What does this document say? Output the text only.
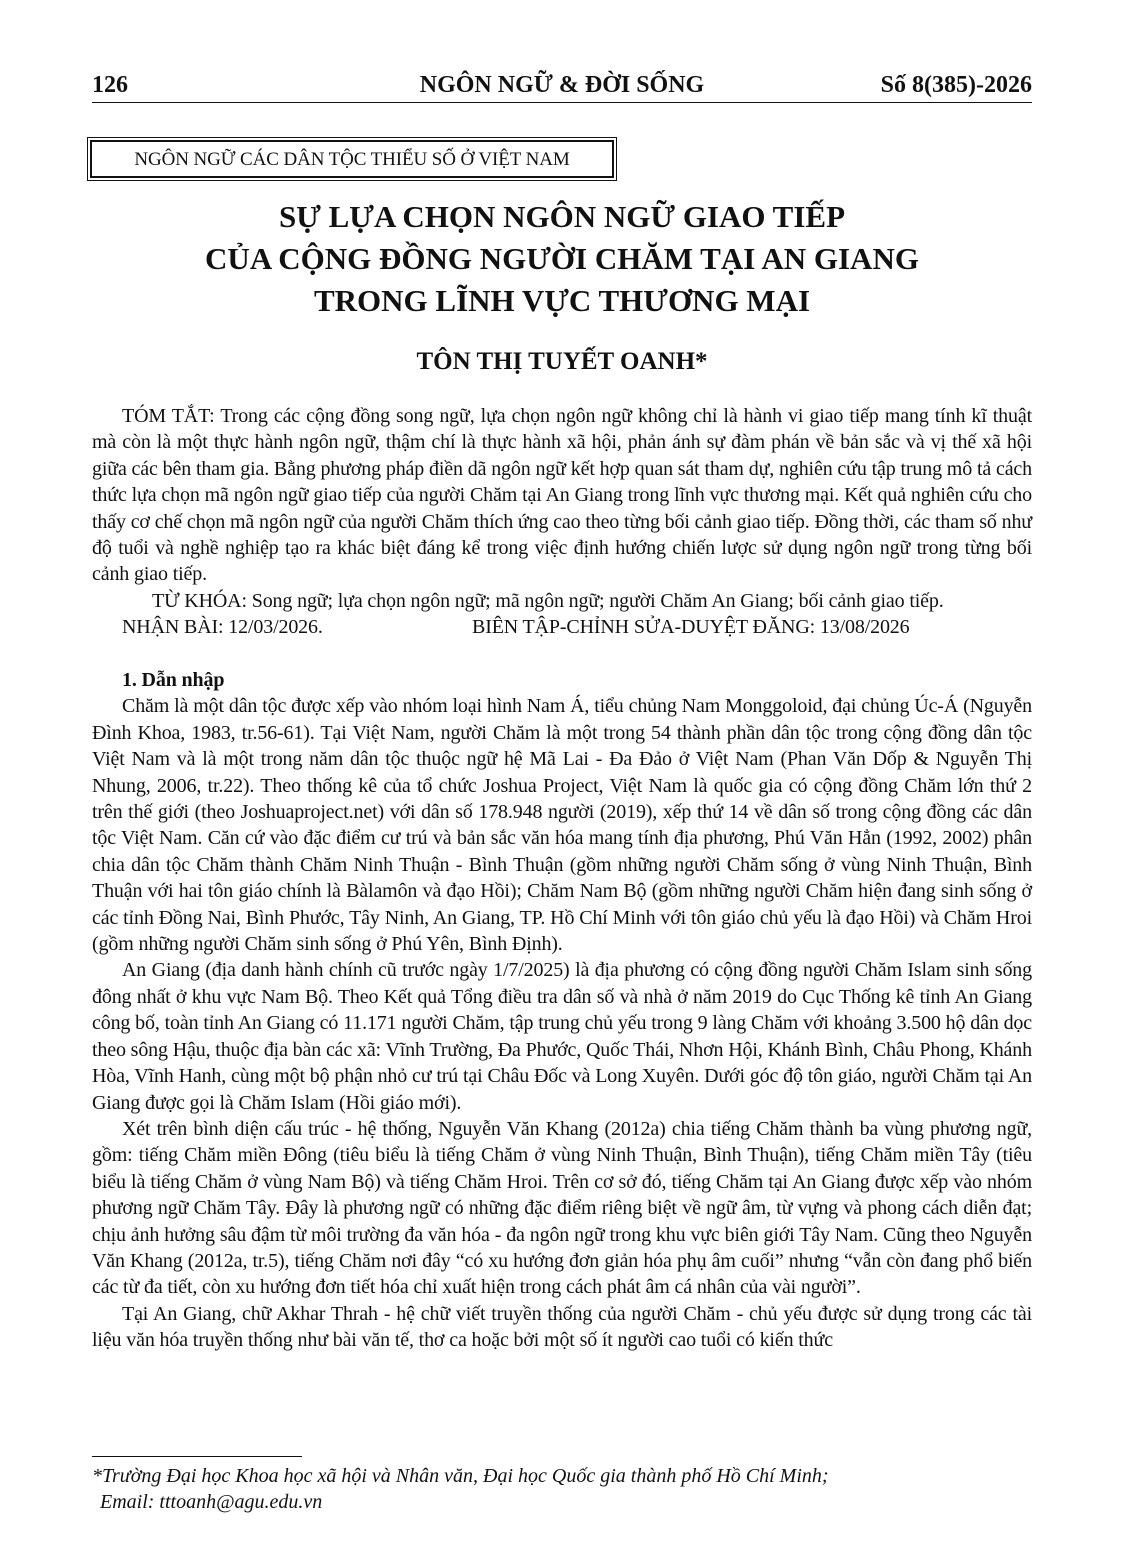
126	NGÔN NGỮ & ĐỜI SỐNG	Số 8(385)-2026
NGÔN NGỮ CÁC DÂN TỘC THIỂU SỐ Ở VIỆT NAM
SỰ LỰA CHỌN NGÔN NGỮ GIAO TIẾP
CỦA CỘNG ĐỒNG NGƯỜI CHĂM TẠI AN GIANG
TRONG LĨNH VỰC THƯƠNG MẠI
TÔN THỊ TUYẾT OANH*

TÓM TẮT: Trong các cộng đồng song ngữ, lựa chọn ngôn ngữ không chỉ là hành vi giao tiếp mang tính kĩ thuật mà còn là một thực hành ngôn ngữ, thậm chí là thực hành xã hội, phản ánh sự đàm phán về bản sắc và vị thế xã hội giữa các bên tham gia. Bằng phương pháp điền dã ngôn ngữ kết hợp quan sát tham dự, nghiên cứu tập trung mô tả cách thức lựa chọn mã ngôn ngữ giao tiếp của người Chăm tại An Giang trong lĩnh vực thương mại. Kết quả nghiên cứu cho thấy cơ chế chọn mã ngôn ngữ của người Chăm thích ứng cao theo từng bối cảnh giao tiếp. Đồng thời, các tham số như độ tuổi và nghề nghiệp tạo ra khác biệt đáng kể trong việc định hướng chiến lược sử dụng ngôn ngữ trong từng bối cảnh giao tiếp.

TỪ KHÓA: Song ngữ; lựa chọn ngôn ngữ; mã ngôn ngữ; người Chăm An Giang; bối cảnh giao tiếp.

NHẬN BÀI: 12/03/2026.	BIÊN TẬP-CHỈNH SỬA-DUYỆT ĐĂNG: 13/08/2026
1. Dẫn nhập

Chăm là một dân tộc được xếp vào nhóm loại hình Nam Á, tiểu chủng Nam Monggoloid, đại chủng Úc-Á (Nguyễn Đình Khoa, 1983, tr.56-61). Tại Việt Nam, người Chăm là một trong 54 thành phần dân tộc trong cộng đồng dân tộc Việt Nam và là một trong năm dân tộc thuộc ngữ hệ Mã Lai - Đa Đảo ở Việt Nam (Phan Văn Dốp & Nguyễn Thị Nhung, 2006, tr.22). Theo thống kê của tổ chức Joshua Project, Việt Nam là quốc gia có cộng đồng Chăm lớn thứ 2 trên thế giới (theo Joshuaproject.net) với dân số 178.948 người (2019), xếp thứ 14 về dân số trong cộng đồng các dân tộc Việt Nam. Căn cứ vào đặc điểm cư trú và bản sắc văn hóa mang tính địa phương, Phú Văn Hẳn (1992, 2002) phân chia dân tộc Chăm thành Chăm Ninh Thuận - Bình Thuận (gồm những người Chăm sống ở vùng Ninh Thuận, Bình Thuận với hai tôn giáo chính là Bàlamôn và đạo Hồi); Chăm Nam Bộ (gồm những người Chăm hiện đang sinh sống ở các tỉnh Đồng Nai, Bình Phước, Tây Ninh, An Giang, TP. Hồ Chí Minh với tôn giáo chủ yếu là đạo Hồi) và Chăm Hroi (gồm những người Chăm sinh sống ở Phú Yên, Bình Định).

An Giang (địa danh hành chính cũ trước ngày 1/7/2025) là địa phương có cộng đồng người Chăm Islam sinh sống đông nhất ở khu vực Nam Bộ. Theo Kết quả Tổng điều tra dân số và nhà ở năm 2019 do Cục Thống kê tỉnh An Giang công bố, toàn tỉnh An Giang có 11.171 người Chăm, tập trung chủ yếu trong 9 làng Chăm với khoảng 3.500 hộ dân dọc theo sông Hậu, thuộc địa bàn các xã: Vĩnh Trường, Đa Phước, Quốc Thái, Nhơn Hội, Khánh Bình, Châu Phong, Khánh Hòa, Vĩnh Hanh, cùng một bộ phận nhỏ cư trú tại Châu Đốc và Long Xuyên. Dưới góc độ tôn giáo, người Chăm tại An Giang được gọi là Chăm Islam (Hồi giáo mới).

Xét trên bình diện cấu trúc - hệ thống, Nguyễn Văn Khang (2012a) chia tiếng Chăm thành ba vùng phương ngữ, gồm: tiếng Chăm miền Đông (tiêu biểu là tiếng Chăm ở vùng Ninh Thuận, Bình Thuận), tiếng Chăm miền Tây (tiêu biểu là tiếng Chăm ở vùng Nam Bộ) và tiếng Chăm Hroi. Trên cơ sở đó, tiếng Chăm tại An Giang được xếp vào nhóm phương ngữ Chăm Tây. Đây là phương ngữ có những đặc điểm riêng biệt về ngữ âm, từ vựng và phong cách diễn đạt; chịu ảnh hưởng sâu đậm từ môi trường đa văn hóa - đa ngôn ngữ trong khu vực biên giới Tây Nam. Cũng theo Nguyễn Văn Khang (2012a, tr.5), tiếng Chăm nơi đây “có xu hướng đơn giản hóa phụ âm cuối” nhưng “vẫn còn đang phổ biến các từ đa tiết, còn xu hướng đơn tiết hóa chỉ xuất hiện trong cách phát âm cá nhân của vài người”.

Tại An Giang, chữ Akhar Thrah - hệ chữ viết truyền thống của người Chăm - chủ yếu được sử dụng trong các tài liệu văn hóa truyền thống như bài văn tế, thơ ca hoặc bởi một số ít người cao tuổi có kiến thức

*Trường Đại học Khoa học xã hội và Nhân văn, Đại học Quốc gia thành phố Hồ Chí Minh;
Email: tttoanh@agu.edu.vn
